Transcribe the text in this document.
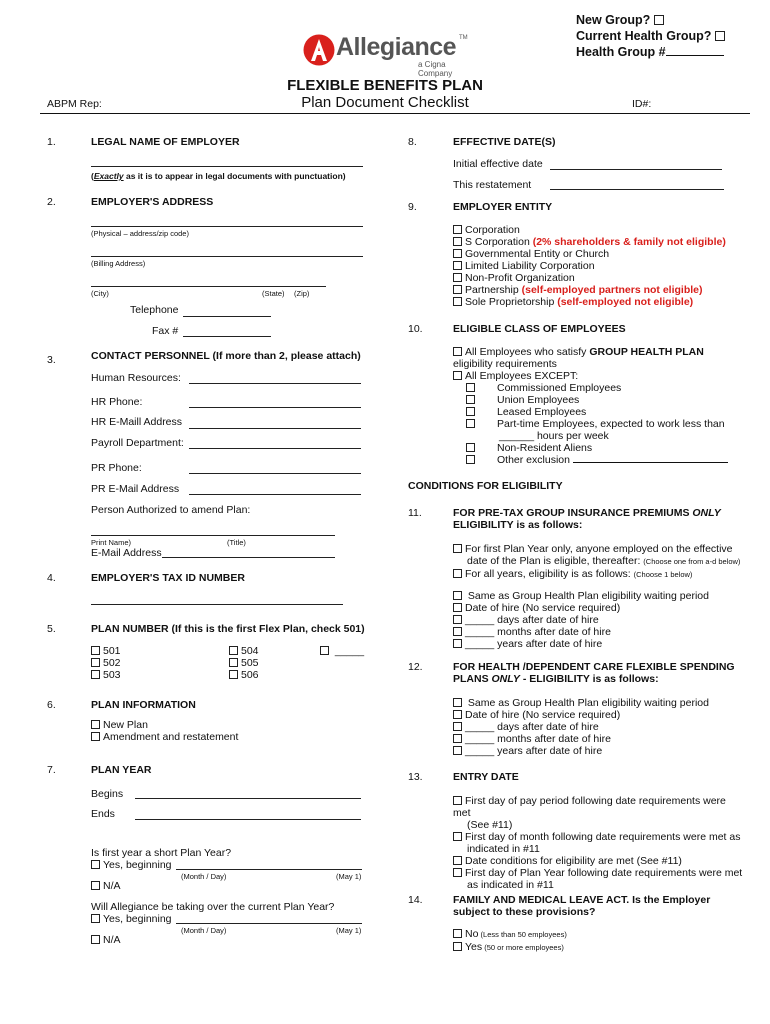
New Group?
Current Health Group?
Health Group #
Allegiance TM
a Cigna Company
FLEXIBLE BENEFITS PLAN
Plan Document Checklist
ABPM Rep:	ID#:
1.	LEGAL NAME OF EMPLOYER
(Exactly as it is to appear in legal documents with punctuation)
2.	EMPLOYER'S ADDRESS
(Physical – address/zip code)
(Billing Address)
(City)	(State) (Zip)
Telephone
Fax #
3.	CONTACT PERSONNEL (If more than 2, please attach)
Human Resources:
HR Phone:
HR E-Maill Address
Payroll Department:
PR Phone:
PR E-Mail Address
Person Authorized to amend Plan:
Print Name)	(Title)
E-Mail Address
4.	EMPLOYER'S TAX ID NUMBER
5.	PLAN NUMBER (If this is the first Flex Plan, check 501)
501
502
503
504
505
506
_____
6.	PLAN INFORMATION
New Plan
Amendment and restatement
7.	PLAN YEAR
Begins
Ends
Is first year a short Plan Year?
Yes, beginning
(Month / Day)	(May 1)
N/A
Will Allegiance be taking over the current Plan Year?
Yes, beginning
(Month / Day)	(May 1)
N/A
8.	EFFECTIVE DATE(S)
Initial effective date
This restatement
9.	EMPLOYER ENTITY
Corporation
S Corporation (2% shareholders & family not eligible)
Governmental Entity or Church
Limited Liability Corporation
Non-Profit Organization
Partnership (self-employed partners not eligible)
Sole Proprietorship (self-employed not eligible)
10.	ELIGIBLE CLASS OF EMPLOYEES
All Employees who satisfy GROUP HEALTH PLAN
eligibility requirements
All Employees EXCEPT:
Commissioned Employees
Union Employees
Leased Employees
Part-time Employees, expected to work less than
______ hours per week
Non-Resident Aliens
Other exclusion
CONDITIONS FOR ELIGIBILITY
11.	FOR PRE-TAX GROUP INSURANCE PREMIUMS ONLY
ELIGIBILITY is as follows:
For first Plan Year only, anyone employed on the effective
date of the Plan is eligible, thereafter: (Choose one from a-d below)
For all years, eligibility is as follows: (Choose 1 below)
Same as Group Health Plan eligibility waiting period
Date of hire (No service required)
_____ days after date of hire
_____ months after date of hire
_____ years after date of hire
12.	FOR HEALTH /DEPENDENT CARE FLEXIBLE SPENDING
PLANS ONLY - ELIGIBILITY is as follows:
Same as Group Health Plan eligibility waiting period
Date of hire (No service required)
_____ days after date of hire
_____ months after date of hire
_____ years after date of hire
13.	ENTRY DATE
First day of pay period following date requirements were met
(See #11)
First day of month following date requirements were met as
indicated in #11
Date conditions for eligibility are met (See #11)
First day of Plan Year following date requirements were met
as indicated in #11
14.	FAMILY AND MEDICAL LEAVE ACT. Is the Employer
subject to these provisions?
No (Less than 50 employees)
Yes (50 or more employees)
